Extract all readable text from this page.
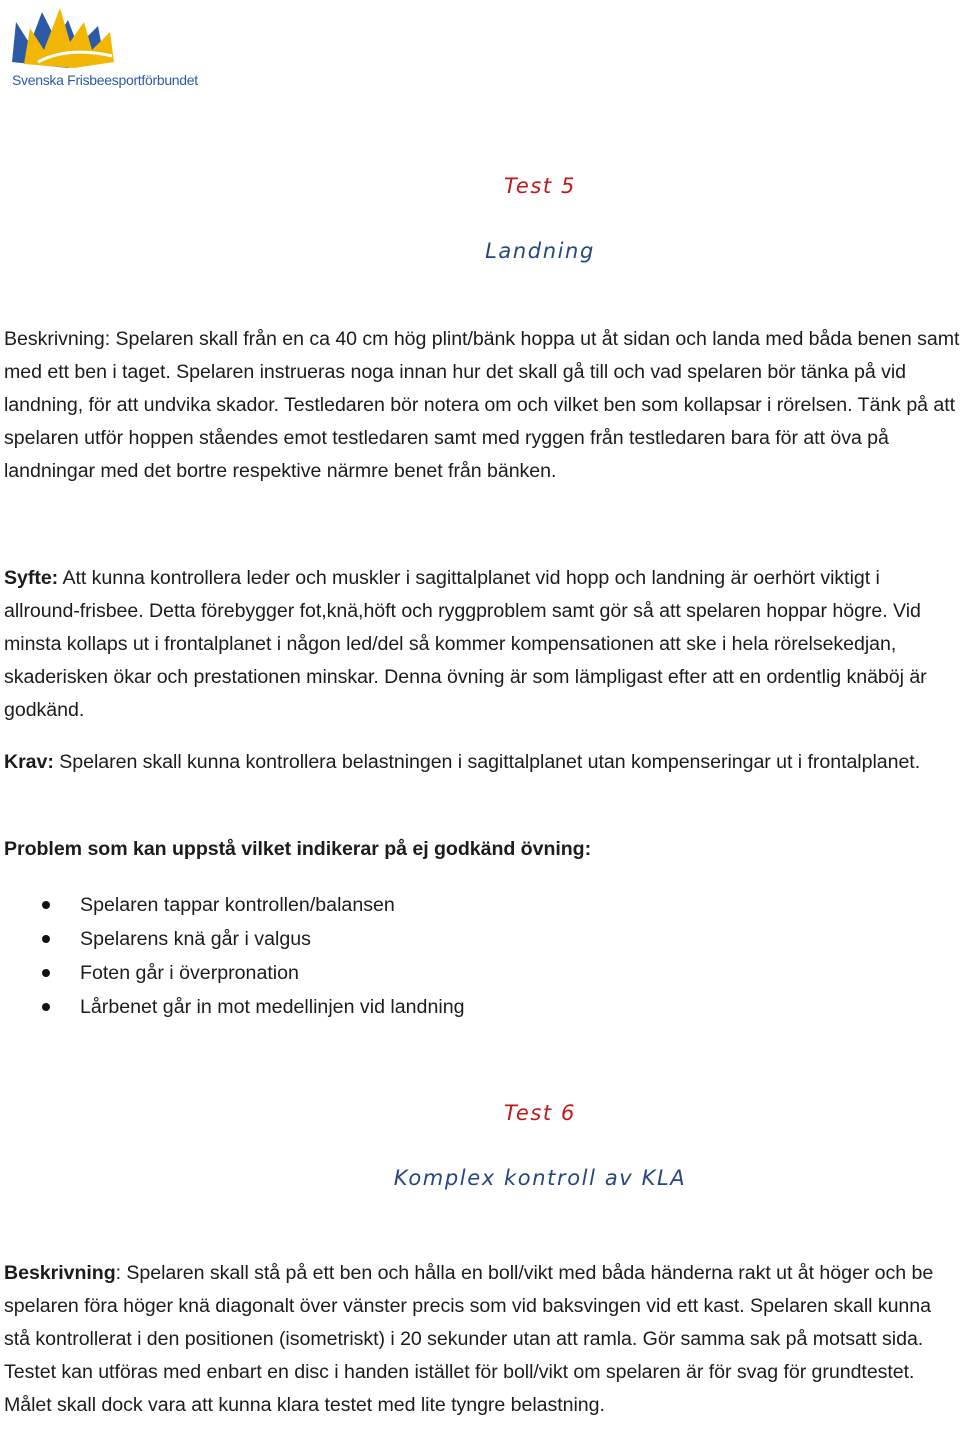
Svenska Frisbeesportförbundet
Test 5
Landning

Beskrivning: Spelaren skall från en ca 40 cm hög plint/bänk hoppa ut åt sidan och landa med båda benen samt med ett ben i taget. Spelaren instrueras noga innan hur det skall gå till och vad spelaren bör tänka på vid landning, för att undvika skador. Testledaren bör notera om och vilket ben som kollapsar i rörelsen. Tänk på att spelaren utför hoppen ståendes emot testledaren samt med ryggen från testledaren bara för att öva på landningar med det bortre respektive närmre benet från bänken.

Syfte: Att kunna kontrollera leder och muskler i sagittalplanet vid hopp och landning är oerhört viktigt i allround-frisbee. Detta förebygger fot,knä,höft och ryggproblem samt gör så att spelaren hoppar högre. Vid minsta kollaps ut i frontalplanet i någon led/del så kommer kompensationen att ske i hela rörelsekedjan, skaderisken ökar och prestationen minskar. Denna övning är som lämpligast efter att en ordentlig knäböj är godkänd.

Krav: Spelaren skall kunna kontrollera belastningen i sagittalplanet utan kompenseringar ut i frontalplanet.

Problem som kan uppstå vilket indikerar på ej godkänd övning:

Spelaren tappar kontrollen/balansen
Spelarens knä går i valgus
Foten går i överpronation
Lårbenet går in mot medellinjen vid landning
Test 6
Komplex kontroll av KLA

Beskrivning: Spelaren skall stå på ett ben och hålla en boll/vikt med båda händerna rakt ut åt höger och be spelaren föra höger knä diagonalt över vänster precis som vid baksvingen vid ett kast. Spelaren skall kunna stå kontrollerat i den positionen (isometriskt) i 20 sekunder utan att ramla. Gör samma sak på motsatt sida. Testet kan utföras med enbart en disc i handen istället för boll/vikt om spelaren är för svag för grundtestet. Målet skall dock vara att kunna klara testet med lite tyngre belastning.
